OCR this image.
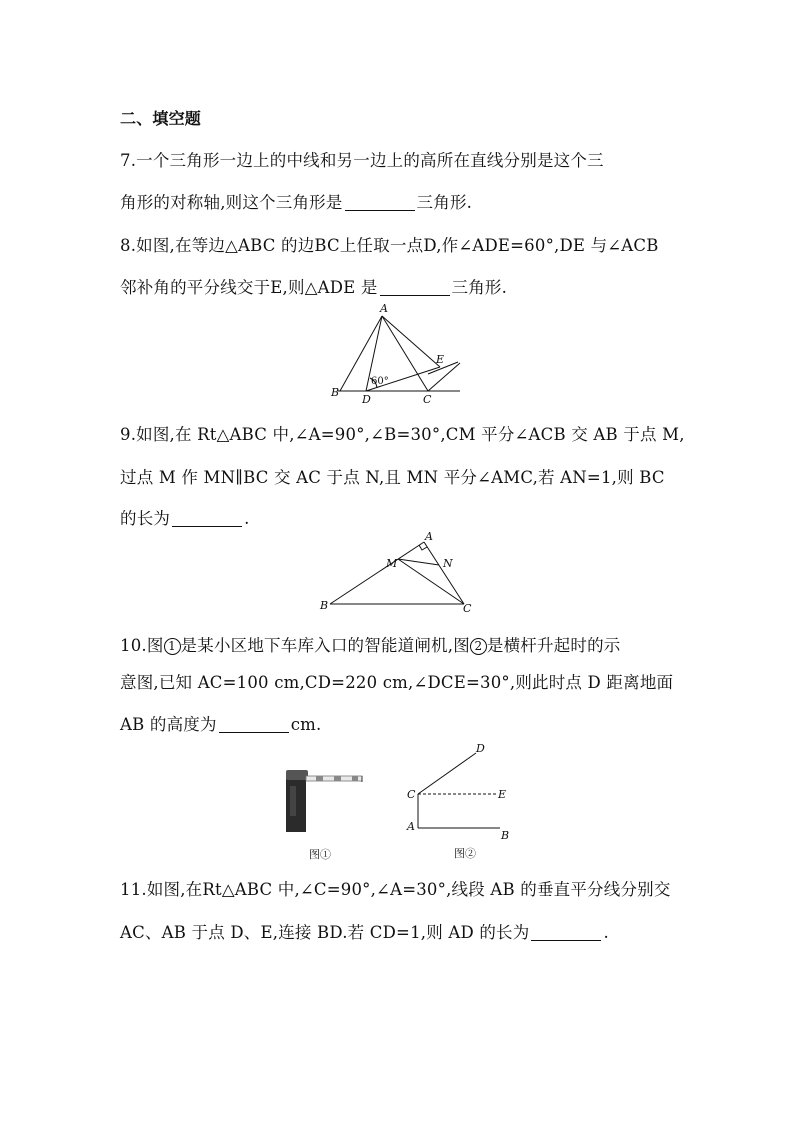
二、填空题
7.一个三角形一边上的中线和另一边上的高所在直线分别是这个三
角形的对称轴,则这个三角形是	三角形.
8.如图,在等边△ABC 的边BC上任取一点D,作∠ADE=60°,DE 与∠ACB
邻补角的平分线交于E,则△ADE 是	三角形.
A
B
C
D
E
60°
9.如图,在 Rt△ABC 中,∠A=90°,∠B=30°,CM 平分∠ACB 交 AB 于点 M,
过点 M 作 MN∥BC 交 AC 于点 N,且 MN 平分∠AMC,若 AN=1,则 BC
的长为	.
A
B	C
M	N
10.图 1 是某小区地下车库入口的智能道闸机,图 2 是横杆升起时的示
意图,已知 AC=100 cm,CD=220 cm,∠DCE=30°,则此时点 D 距离地面
AB 的高度为	cm.
图①
A
B
C
D
E
图②
11.如图,在Rt△ABC 中,∠C=90°,∠A=30°,线段 AB 的垂直平分线分别交
AC、AB 于点 D、E,连接 BD.若 CD=1,则 AD 的长为	.
